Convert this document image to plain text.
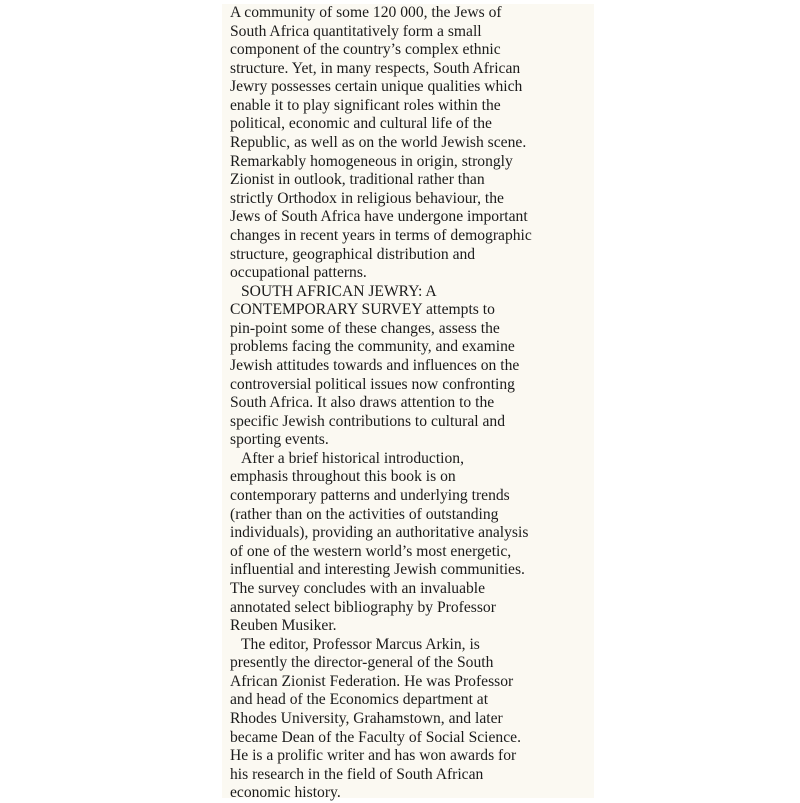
A community of some 120 000, the Jews of
South Africa quantitatively form a small
component of the country’s complex ethnic
structure. Yet, in many respects, South African
Jewry possesses certain unique qualities which
enable it to play significant roles within the
political, economic and cultural life of the
Republic, as well as on the world Jewish scene.
Remarkably homogeneous in origin, strongly
Zionist in outlook, traditional rather than
strictly Orthodox in religious behaviour, the
Jews of South Africa have undergone important
changes in recent years in terms of demographic
structure, geographical distribution and
occupational patterns.
SOUTH AFRICAN JEWRY: A
CONTEMPORARY SURVEY attempts to
pin-point some of these changes, assess the
problems facing the community, and examine
Jewish attitudes towards and influences on the
controversial political issues now confronting
South Africa. It also draws attention to the
specific Jewish contributions to cultural and
sporting events.
After a brief historical introduction,
emphasis throughout this book is on
contemporary patterns and underlying trends
(rather than on the activities of outstanding
individuals), providing an authoritative analysis
of one of the western world’s most energetic,
influential and interesting Jewish communities.
The survey concludes with an invaluable
annotated select bibliography by Professor
Reuben Musiker.
The editor, Professor Marcus Arkin, is
presently the director-general of the South
African Zionist Federation. He was Professor
and head of the Economics department at
Rhodes University, Grahamstown, and later
became Dean of the Faculty of Social Science.
He is a prolific writer and has won awards for
his research in the field of South African
economic history.
